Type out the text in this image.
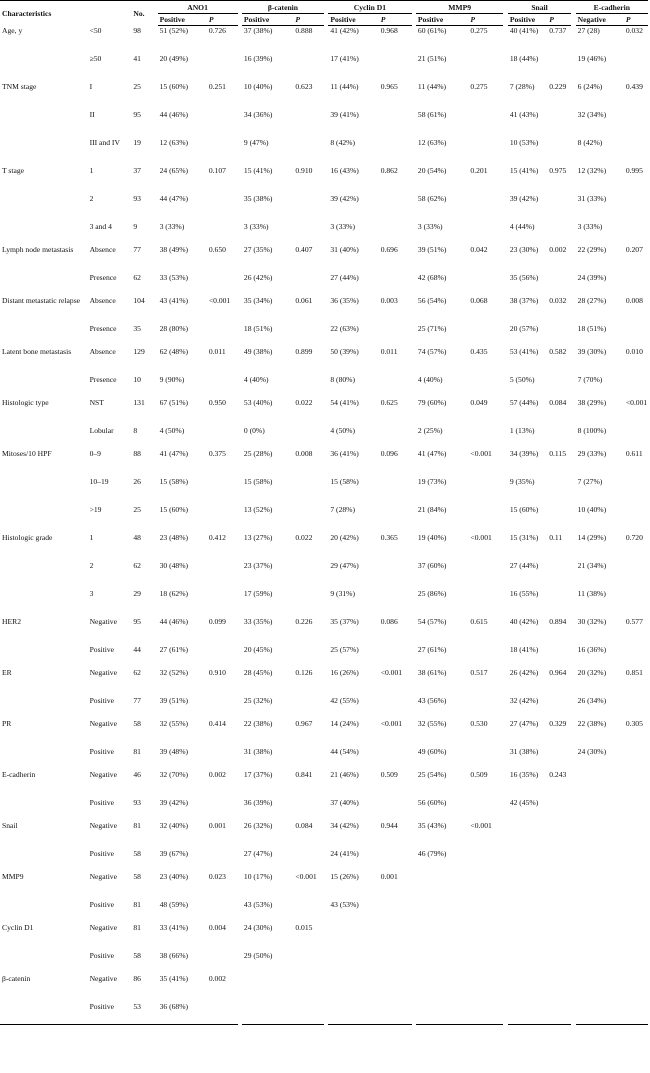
Characteristics		No.	ANO1			β-catenin			Cyclin D1			MMP9			Snail			E-cadherin	
			Positive	P		Positive	P		Positive	P		Positive	P		Positive	P		Negative	P
Age, y	<50	98	51 (52%)	0.726		37 (38%)	0.888		41 (42%)	0.968		60 (61%)	0.275		40 (41%)	0.737		27 (28)	0.032
	≥50	41	20 (49%)			16 (39%)			17 (41%)			21 (51%)			18 (44%)			19 (46%)	
TNM stage	I	25	15 (60%)	0.251		10 (40%)	0.623		11 (44%)	0.965		11 (44%)	0.275		7 (28%)	0.229		6 (24%)	0.439
	II	95	44 (46%)			34 (36%)			39 (41%)			58 (61%)			41 (43%)			32 (34%)	
	III and IV	19	12 (63%)			9 (47%)			8 (42%)			12 (63%)			10 (53%)			8 (42%)	
T stage	1	37	24 (65%)	0.107		15 (41%)	0.910		16 (43%)	0.862		20 (54%)	0.201		15 (41%)	0.975		12 (32%)	0.995
	2	93	44 (47%)			35 (38%)			39 (42%)			58 (62%)			39 (42%)			31 (33%)	
	3 and 4	9	3 (33%)			3 (33%)			3 (33%)			3 (33%)			4 (44%)			3 (33%)	
Lymph node metastasis	Absence	77	38 (49%)	0.650		27 (35%)	0.407		31 (40%)	0.696		39 (51%)	0.042		23 (30%)	0.002		22 (29%)	0.207
	Presence	62	33 (53%)			26 (42%)			27 (44%)			42 (68%)			35 (56%)			24 (39%)	
Distant metastatic relapse	Absence	104	43 (41%)	<0.001		35 (34%)	0.061		36 (35%)	0.003		56 (54%)	0.068		38 (37%)	0.032		28 (27%)	0.008
	Presence	35	28 (80%)			18 (51%)			22 (63%)			25 (71%)			20 (57%)			18 (51%)	
Latent bone metastasis	Absence	129	62 (48%)	0.011		49 (38%)	0.899		50 (39%)	0.011		74 (57%)	0.435		53 (41%)	0.582		39 (30%)	0.010
	Presence	10	9 (90%)			4 (40%)			8 (80%)			4 (40%)			5 (50%)			7 (70%)	
Histologic type	NST	131	67 (51%)	0.950		53 (40%)	0.022		54 (41%)	0.625		79 (60%)	0.049		57 (44%)	0.084		38 (29%)	<0.001
	Lobular	8	4 (50%)			0 (0%)			4 (50%)			2 (25%)			1 (13%)			8 (100%)	
Mitoses/10 HPF	0–9	88	41 (47%)	0.375		25 (28%)	0.008		36 (41%)	0.096		41 (47%)	<0.001		34 (39%)	0.115		29 (33%)	0.611
	10–19	26	15 (58%)			15 (58%)			15 (58%)			19 (73%)			9 (35%)			7 (27%)	
	>19	25	15 (60%)			13 (52%)			7 (28%)			21 (84%)			15 (60%)			10 (40%)	
Histologic grade	1	48	23 (48%)	0.412		13 (27%)	0.022		20 (42%)	0.365		19 (40%)	<0.001		15 (31%)	0.11		14 (29%)	0.720
	2	62	30 (48%)			23 (37%)			29 (47%)			37 (60%)			27 (44%)			21 (34%)	
	3	29	18 (62%)			17 (59%)			9 (31%)			25 (86%)			16 (55%)			11 (38%)	
HER2	Negative	95	44 (46%)	0.099		33 (35%)	0.226		35 (37%)	0.086		54 (57%)	0.615		40 (42%)	0.894		30 (32%)	0.577
	Positive	44	27 (61%)			20 (45%)			25 (57%)			27 (61%)			18 (41%)			16 (36%)	
ER	Negative	62	32 (52%)	0.910		28 (45%)	0.126		16 (26%)	<0.001		38 (61%)	0.517		26 (42%)	0.964		20 (32%)	0.851
	Positive	77	39 (51%)			25 (32%)			42 (55%)			43 (56%)			32 (42%)			26 (34%)	
PR	Negative	58	32 (55%)	0.414		22 (38%)	0.967		14 (24%)	<0.001		32 (55%)	0.530		27 (47%)	0.329		22 (38%)	0.305
	Positive	81	39 (48%)			31 (38%)			44 (54%)			49 (60%)			31 (38%)			24 (30%)	
E-cadherin	Negative	46	32 (70%)	0.002		17 (37%)	0.841		21 (46%)	0.509		25 (54%)	0.509		16 (35%)	0.243			
	Positive	93	39 (42%)			36 (39%)			37 (40%)			56 (60%)			42 (45%)				
Snail	Negative	81	32 (40%)	0.001		26 (32%)	0.084		34 (42%)	0.944		35 (43%)	<0.001						
	Positive	58	39 (67%)			27 (47%)			24 (41%)			46 (79%)							
MMP9	Negative	58	23 (40%)	0.023		10 (17%)	<0.001		15 (26%)	0.001									
	Positive	81	48 (59%)			43 (53%)			43 (53%)										
Cyclin D1	Negative	81	33 (41%)	0.004		24 (30%)	0.015												
	Positive	58	38 (66%)			29 (50%)													
β-catenin	Negative	86	35 (41%)	0.002															
	Positive	53	36 (68%)																
